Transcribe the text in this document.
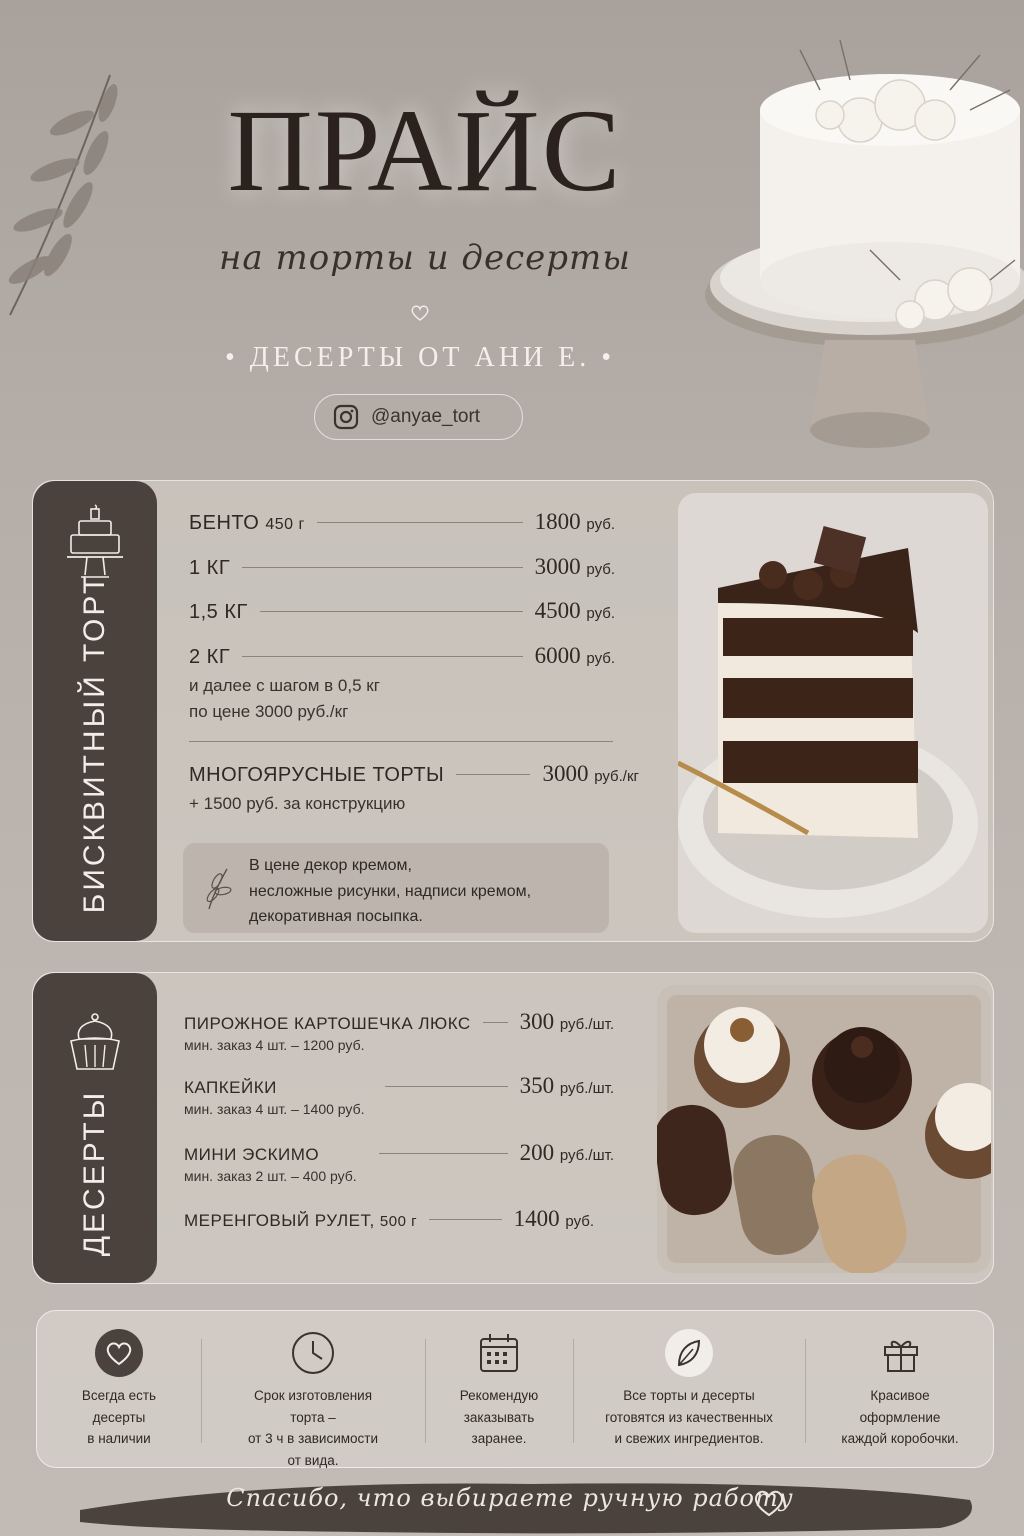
ПРАЙС
на торты и десерты
• ДЕСЕРТЫ ОТ АНИ Е. •
@anyae_tort
БИСКВИТНЫЙ ТОРТ
БЕНТО 450 г	1800 руб.
1 КГ	3000 руб.
1,5 КГ	4500 руб.
2 КГ	6000 руб.
и далее с шагом в 0,5 кг
по цене 3000 руб./кг
МНОГОЯРУСНЫЕ ТОРТЫ	3000 руб./кг
+ 1500 руб. за конструкцию
В цене декор кремом,
несложные рисунки, надписи кремом,
декоративная посыпка.
ДЕСЕРТЫ
ПИРОЖНОЕ КАРТОШЕЧКА ЛЮКС 300 руб./шт.
мин. заказ 4 шт. – 1200 руб.
КАПКЕЙКИ	350 руб./шт.
мин. заказ 4 шт. – 1400 руб.
МИНИ ЭСКИМО	200 руб./шт.
мин. заказ 2 шт. – 400 руб.
МЕРЕНГОВЫЙ РУЛЕТ, 500 г	1400 руб.
Всегда есть
десерты
в наличии
Срок изготовления
торта –
от 3 ч в зависимости
от вида.
Рекомендую
заказывать
заранее.
Все торты и десерты
готовятся из качественных
и свежих ингредиентов.
Красивое
оформление
каждой коробочки.
Спасибо, что выбираете ручную работу
